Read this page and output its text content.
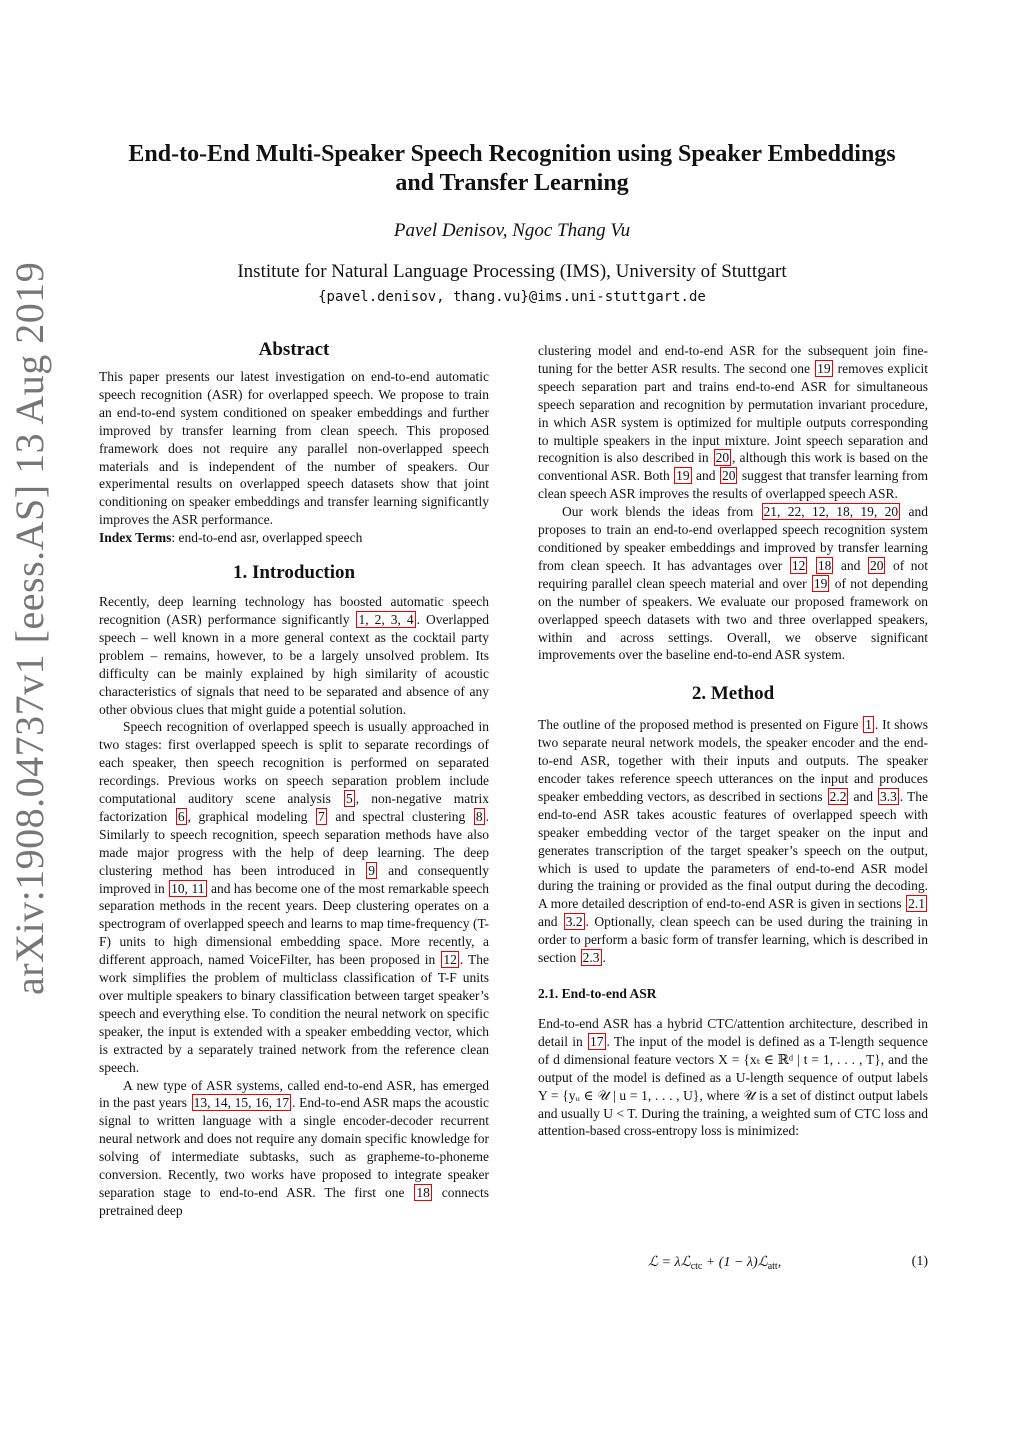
arXiv:1908.04737v1 [eess.AS] 13 Aug 2019
End-to-End Multi-Speaker Speech Recognition using Speaker Embeddings
and Transfer Learning
Pavel Denisov, Ngoc Thang Vu
Institute for Natural Language Processing (IMS), University of Stuttgart
{pavel.denisov, thang.vu}@ims.uni-stuttgart.de
Abstract

This paper presents our latest investigation on end-to-end automatic speech recognition (ASR) for overlapped speech. We propose to train an end-to-end system conditioned on speaker embeddings and further improved by transfer learning from clean speech. This proposed framework does not require any parallel non-overlapped speech materials and is independent of the number of speakers. Our experimental results on overlapped speech datasets show that joint conditioning on speaker embeddings and transfer learning significantly improves the ASR performance.

Index Terms: end-to-end asr, overlapped speech

1. Introduction

Recently, deep learning technology has boosted automatic speech recognition (ASR) performance significantly 1, 2, 3, 4 . Overlapped speech – well known in a more general context as the cocktail party problem – remains, however, to be a largely unsolved problem. Its difficulty can be mainly explained by high similarity of acoustic characteristics of signals that need to be separated and absence of any other obvious clues that might guide a potential solution.

Speech recognition of overlapped speech is usually approached in two stages: first overlapped speech is split to separate recordings of each speaker, then speech recognition is performed on separated recordings. Previous works on speech separation problem include computational auditory scene analysis 5 , non-negative matrix factorization 6 , graphical modeling 7 and spectral clustering 8 . Similarly to speech recognition, speech separation methods have also made major progress with the help of deep learning. The deep clustering method has been introduced in 9 and consequently improved in 10, 11 and has become one of the most remarkable speech separation methods in the recent years. Deep clustering operates on a spectrogram of overlapped speech and learns to map time-frequency (T-F) units to high dimensional embedding space. More recently, a different approach, named VoiceFilter, has been proposed in 12 . The work simplifies the problem of multiclass classification of T-F units over multiple speakers to binary classification between target speaker’s speech and everything else. To condition the neural network on specific speaker, the input is extended with a speaker embedding vector, which is extracted by a separately trained network from the reference clean speech.

A new type of ASR systems, called end-to-end ASR, has emerged in the past years 13, 14, 15, 16, 17 . End-to-end ASR maps the acoustic signal to written language with a single encoder-decoder recurrent neural network and does not require any domain specific knowledge for solving of intermediate subtasks, such as grapheme-to-phoneme conversion. Recently, two works have proposed to integrate speaker separation stage to end-to-end ASR. The first one 18 connects pretrained deep

clustering model and end-to-end ASR for the subsequent join fine-tuning for the better ASR results. The second one 19 removes explicit speech separation part and trains end-to-end ASR for simultaneous speech separation and recognition by permutation invariant procedure, in which ASR system is optimized for multiple outputs corresponding to multiple speakers in the input mixture. Joint speech separation and recognition is also described in 20 , although this work is based on the conventional ASR. Both 19 and 20 suggest that transfer learning from clean speech ASR improves the results of overlapped speech ASR.

Our work blends the ideas from 21, 22, 12, 18, 19, 20 and proposes to train an end-to-end overlapped speech recognition system conditioned by speaker embeddings and improved by transfer learning from clean speech. It has advantages over 12 18 and 20 of not requiring parallel clean speech material and over 19 of not depending on the number of speakers. We evaluate our proposed framework on overlapped speech datasets with two and three overlapped speakers, within and across settings. Overall, we observe significant improvements over the baseline end-to-end ASR system.

2. Method

The outline of the proposed method is presented on Figure 1 . It shows two separate neural network models, the speaker encoder and the end-to-end ASR, together with their inputs and outputs. The speaker encoder takes reference speech utterances on the input and produces speaker embedding vectors, as described in sections 2.2 and 3.3 . The end-to-end ASR takes acoustic features of overlapped speech with speaker embedding vector of the target speaker on the input and generates transcription of the target speaker’s speech on the output, which is used to update the parameters of end-to-end ASR model during the training or provided as the final output during the decoding. A more detailed description of end-to-end ASR is given in sections 2.1 and 3.2 . Optionally, clean speech can be used during the training in order to perform a basic form of transfer learning, which is described in section 2.3 .

2.1. End-to-end ASR

End-to-end ASR has a hybrid CTC/attention architecture, described in detail in 17 . The input of the model is defined as a T-length sequence of d dimensional feature vectors X = {xₜ ∈ ℝᵈ | t = 1, . . . , T}, and the output of the model is defined as a U-length sequence of output labels Y = {yᵤ ∈ 𝒰 | u = 1, . . . , U}, where 𝒰 is a set of distinct output labels and usually U < T. During the training, a weighted sum of CTC loss and attention-based cross-entropy loss is minimized:

ℒ = λℒ$_{ctc}$ + (1 − λ)ℒ$_{att}$,	(1)
